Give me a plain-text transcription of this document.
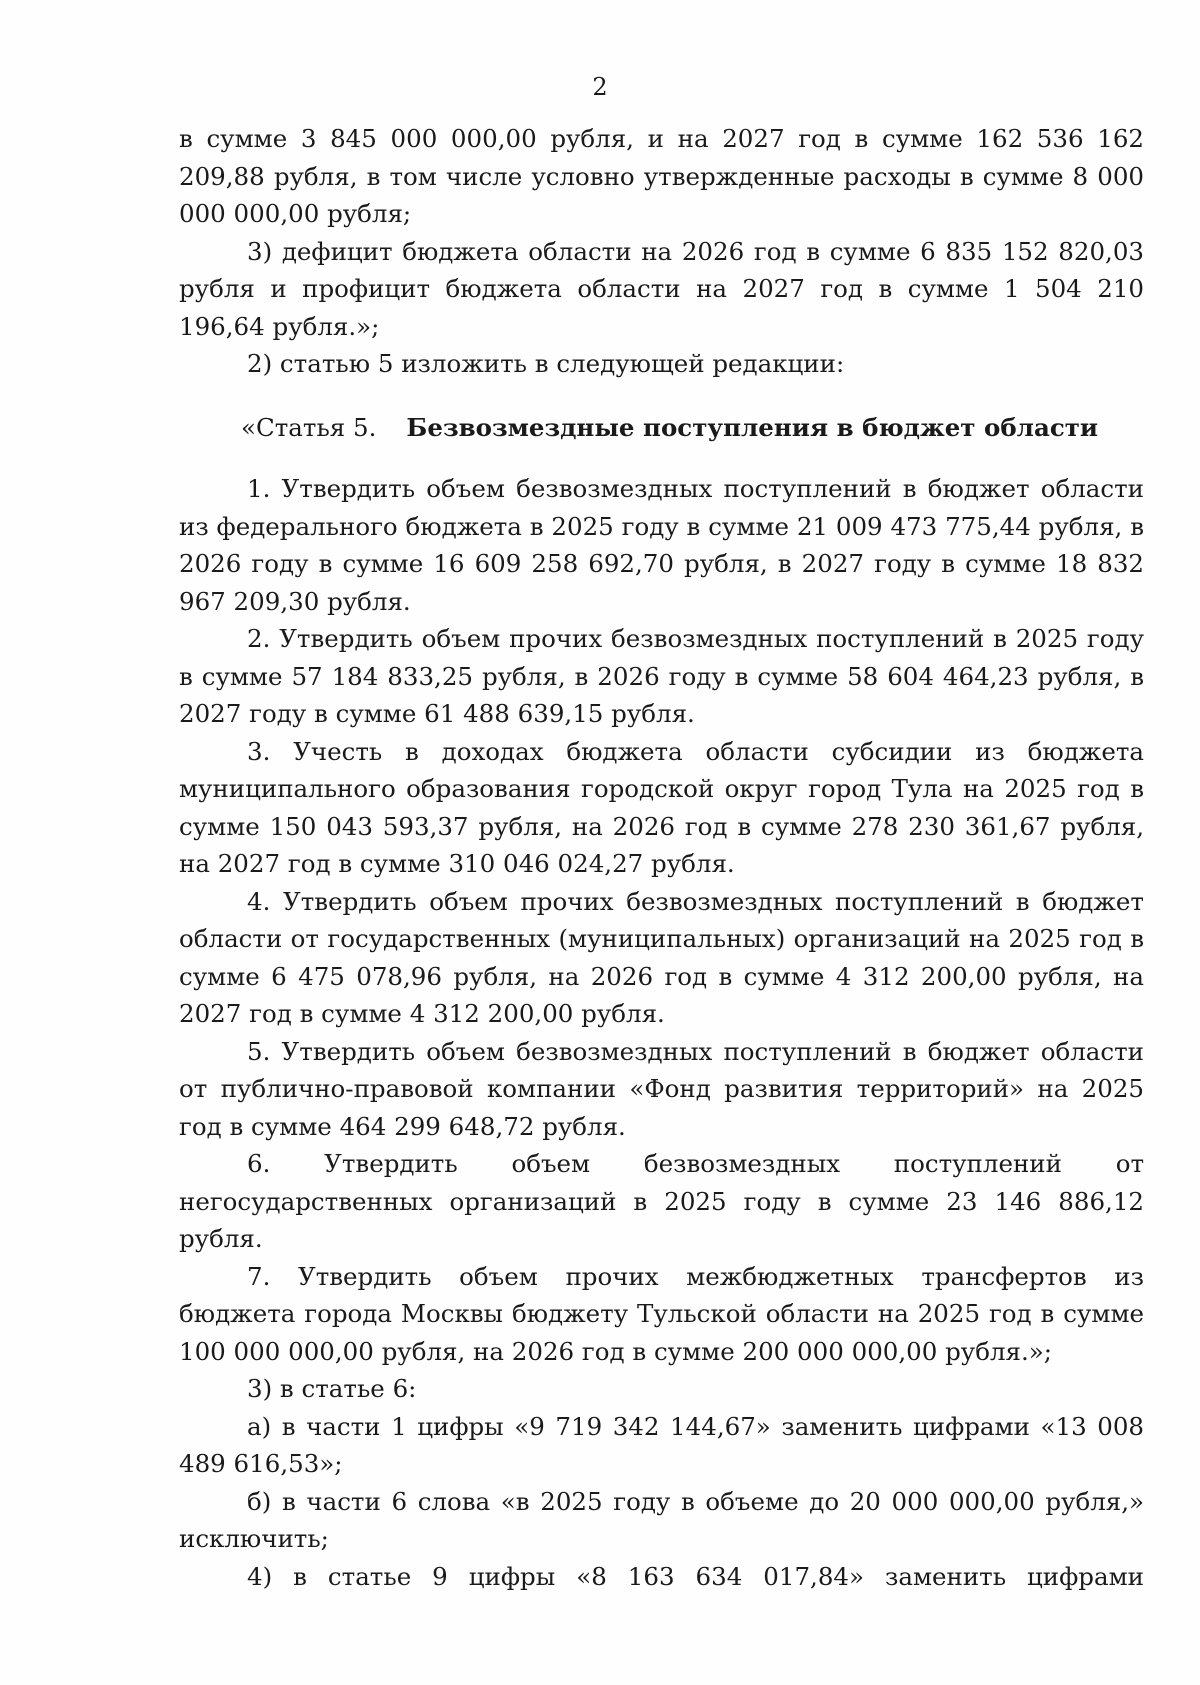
2

в сумме 3 845 000 000,00 рубля, и на 2027 год в сумме 162 536 162 209,88 рубля, в том числе условно утвержденные расходы в сумме 8 000 000 000,00 рубля;

3) дефицит бюджета области на 2026 год в сумме 6 835 152 820,03 рубля и профицит бюджета области на 2027 год в сумме 1 504 210 196,64 рубля.»;

2) статью 5 изложить в следующей редакции:

«Статья 5. Безвозмездные поступления в бюджет области

1. Утвердить объем безвозмездных поступлений в бюджет области из федерального бюджета в 2025 году в сумме 21 009 473 775,44 рубля, в 2026 году в сумме 16 609 258 692,70 рубля, в 2027 году в сумме 18 832 967 209,30 рубля.

2. Утвердить объем прочих безвозмездных поступлений в 2025 году в сумме 57 184 833,25 рубля, в 2026 году в сумме 58 604 464,23 рубля, в 2027 году в сумме 61 488 639,15 рубля.

3. Учесть в доходах бюджета области субсидии из бюджета муниципального образования городской округ город Тула на 2025 год в сумме 150 043 593,37 рубля, на 2026 год в сумме 278 230 361,67 рубля, на 2027 год в сумме 310 046 024,27 рубля.

4. Утвердить объем прочих безвозмездных поступлений в бюджет области от государственных (муниципальных) организаций на 2025 год в сумме 6 475 078,96 рубля, на 2026 год в сумме 4 312 200,00 рубля, на 2027 год в сумме 4 312 200,00 рубля.

5. Утвердить объем безвозмездных поступлений в бюджет области от публично-правовой компании «Фонд развития территорий» на 2025 год в сумме 464 299 648,72 рубля.

6. Утвердить объем безвозмездных поступлений от негосударственных организаций в 2025 году в сумме 23 146 886,12 рубля.

7. Утвердить объем прочих межбюджетных трансфертов из бюджета города Москвы бюджету Тульской области на 2025 год в сумме 100 000 000,00 рубля, на 2026 год в сумме 200 000 000,00 рубля.»;

3) в статье 6:

а) в части 1 цифры «9 719 342 144,67» заменить цифрами «13 008 489 616,53»;

б) в части 6 слова «в 2025 году в объеме до 20 000 000,00 рубля,» исключить;

4) в статье 9 цифры «8 163 634 017,84» заменить цифрами
